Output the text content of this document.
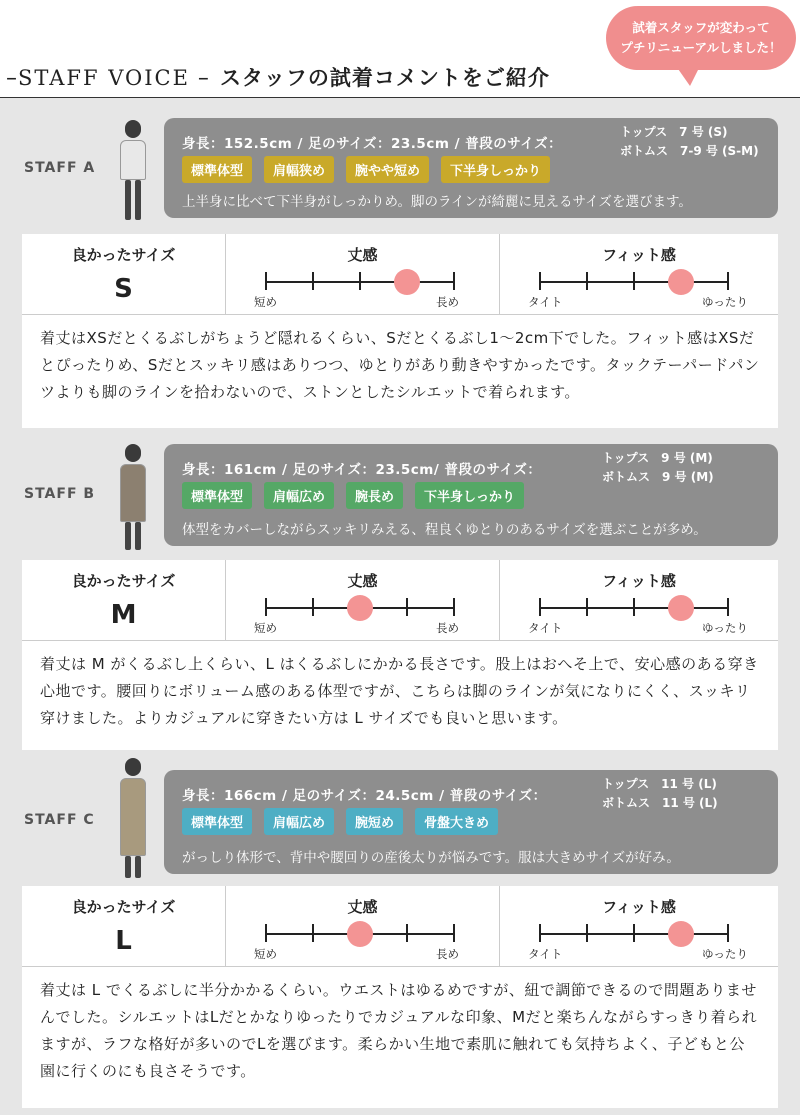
– STAFF VOICE – スタッフの試着コメントをご紹介
試着スタッフが変わって
プチリニューアルしました！
STAFF A
身長：152.5cm / 足のサイズ：23.5cm / 普段のサイズ：
トップス　7 号 (S)
ボトムス　7-9 号 (S-M)
標準体型	肩幅狭め	腕やや短め	下半身しっかり
上半身に比べて下半身がしっかりめ。脚のラインが綺麗に見えるサイズを選びます。
良かったサイズ
S
丈感
短め	長め
フィット感
タイト	ゆったり
着丈はXSだとくるぶしがちょうど隠れるくらい、Sだとくるぶし1〜2cm下でした。フィット感はXSだとぴったりめ、Sだとスッキリ感はありつつ、ゆとりがあり動きやすかったです。タックテーパードパンツよりも脚のラインを拾わないので、ストンとしたシルエットで着られます。
STAFF B
身長：161cm / 足のサイズ：23.5cm/ 普段のサイズ：
トップス　9 号 (M)
ボトムス　9 号 (M)
標準体型	肩幅広め	腕長め	下半身しっかり
体型をカバーしながらスッキリみえる、程良くゆとりのあるサイズを選ぶことが多め。
良かったサイズ
M
丈感
短め	長め
フィット感
タイト	ゆったり
着丈は M がくるぶし上くらい、L はくるぶしにかかる長さです。股上はおへそ上で、安心感のある穿き心地です。腰回りにボリューム感のある体型ですが、こちらは脚のラインが気になりにくく、スッキリ穿けました。よりカジュアルに穿きたい方は L サイズでも良いと思います。
STAFF C
身長：166cm / 足のサイズ：24.5cm / 普段のサイズ：
トップス　11 号 (L)
ボトムス　11 号 (L)
標準体型	肩幅広め	腕短め	骨盤大きめ
がっしり体形で、背中や腰回りの産後太りが悩みです。服は大きめサイズが好み。
良かったサイズ
L
丈感
短め	長め
フィット感
タイト	ゆったり
着丈は L でくるぶしに半分かかるくらい。ウエストはゆるめですが、紐で調節できるので問題ありませんでした。シルエットはLだとかなりゆったりでカジュアルな印象、Mだと楽ちんながらすっきり着られますが、ラフな格好が多いのでLを選びます。柔らかい生地で素肌に触れても気持ちよく、子どもと公園に行くのにも良さそうです。
